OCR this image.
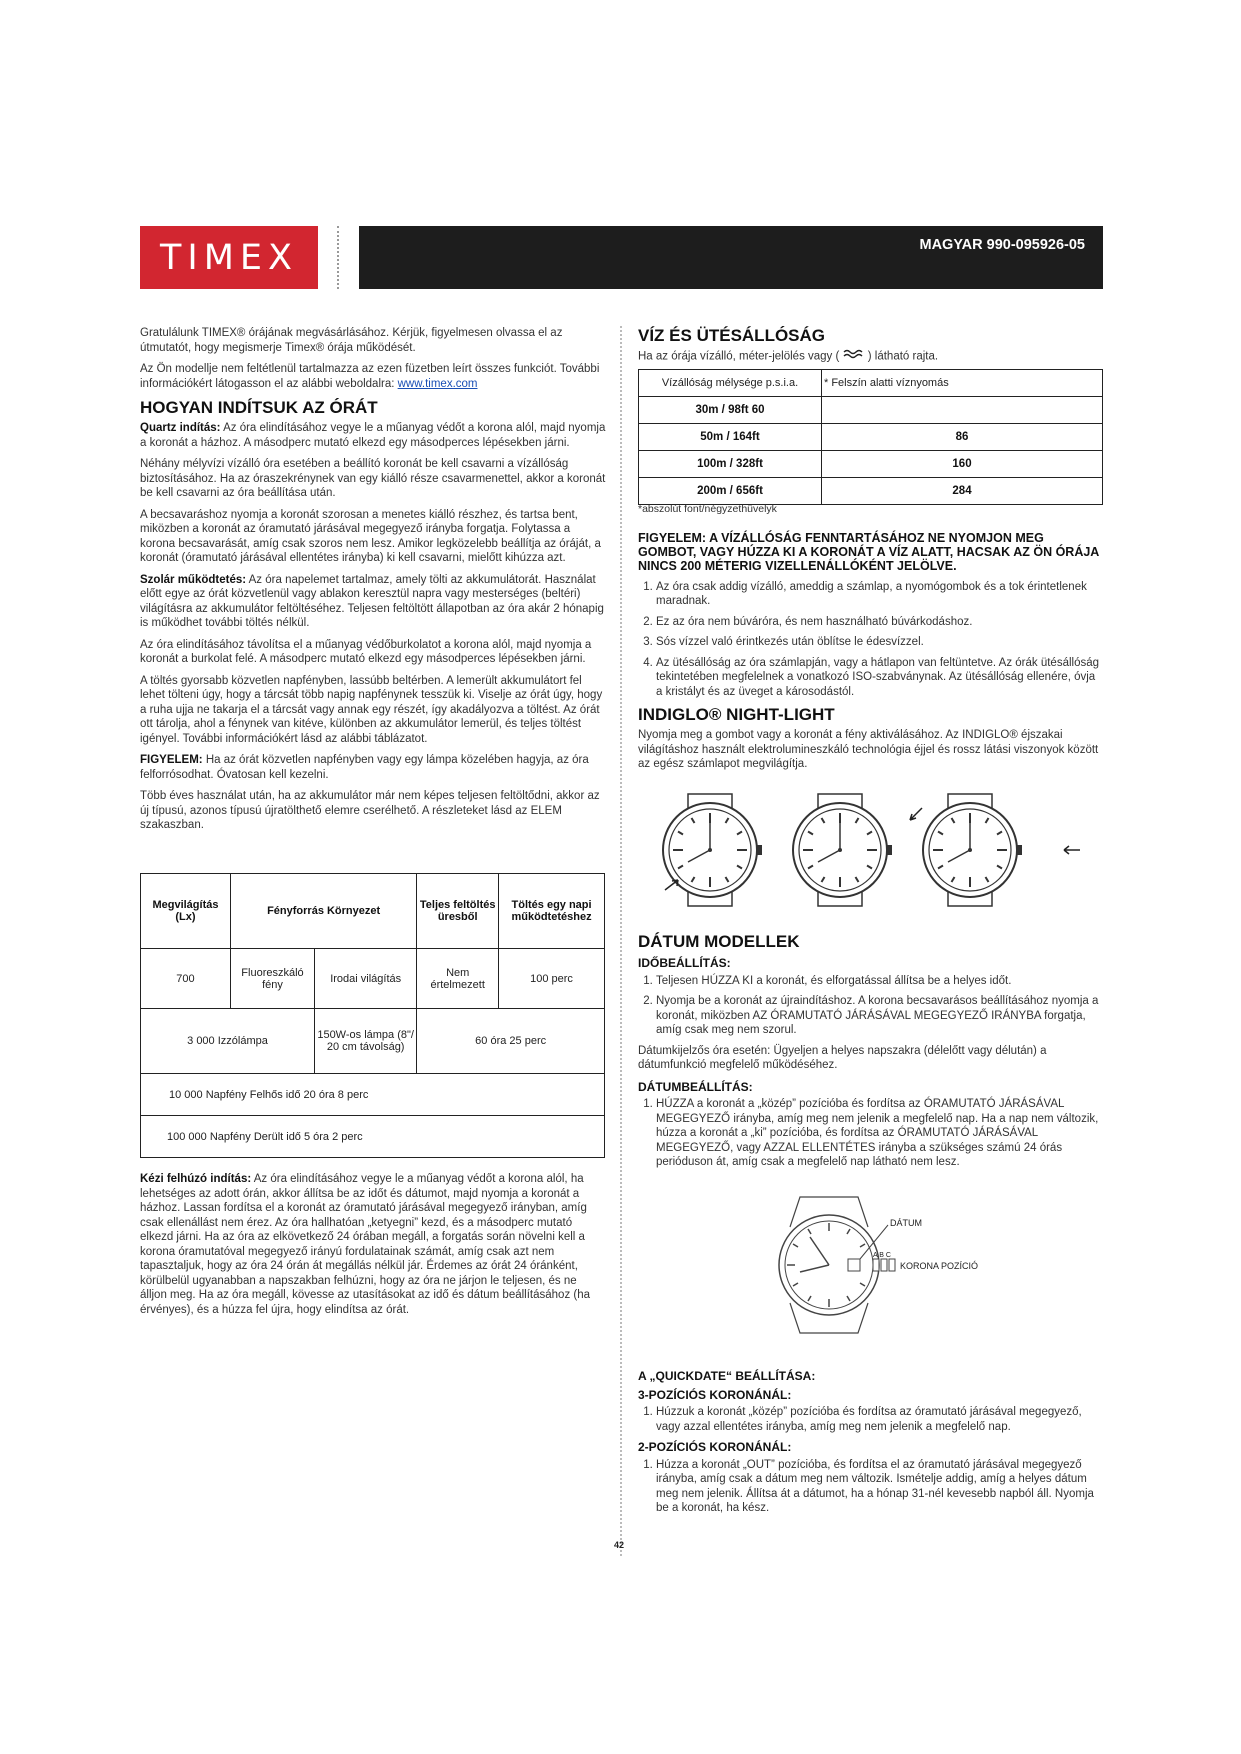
TIMEX	MAGYAR 990-095926-05
42

Gratulálunk TIMEX® órájának megvásárlásához. Kérjük, figyelmesen olvassa el az útmutatót, hogy megismerje Timex® órája működését.

Az Ön modellje nem feltétlenül tartalmazza az ezen füzetben leírt összes funkciót. További információkért látogasson el az alábbi weboldalra: www.timex.com

HOGYAN INDÍTSUK AZ ÓRÁT

Quartz indítás: Az óra elindításához vegye le a műanyag védőt a korona alól, majd nyomja a koronát a házhoz. A másodperc mutató elkezd egy másodperces lépésekben járni.

Néhány mélyvízi vízálló óra esetében a beállító koronát be kell csavarni a vízállóság biztosításához. Ha az óraszekrénynek van egy kiálló része csavarmenettel, akkor a koronát be kell csavarni az óra beállítása után.

A becsavaráshoz nyomja a koronát szorosan a menetes kiálló részhez, és tartsa bent, miközben a koronát az óramutató járásával megegyező irányba forgatja. Folytassa a korona becsavarását, amíg csak szoros nem lesz. Amikor legközelebb beállítja az óráját, a koronát (óramutató járásával ellentétes irányba) ki kell csavarni, mielőtt kihúzza azt.

Szolár működtetés: Az óra napelemet tartalmaz, amely tölti az akkumulátorát. Használat előtt egye az órát közvetlenül vagy ablakon keresztül napra vagy mesterséges (beltéri) világításra az akkumulátor feltöltéséhez. Teljesen feltöltött állapotban az óra akár 2 hónapig is működhet további töltés nélkül.

Az óra elindításához távolítsa el a műanyag védőburkolatot a korona alól, majd nyomja a koronát a burkolat felé. A másodperc mutató elkezd egy másodperces lépésekben járni.

A töltés gyorsabb közvetlen napfényben, lassúbb beltérben. A lemerült akkumulátort fel lehet tölteni úgy, hogy a tárcsát több napig napfénynek tesszük ki. Viselje az órát úgy, hogy a ruha ujja ne takarja el a tárcsát vagy annak egy részét, így akadályozva a töltést. Az órát ott tárolja, ahol a fénynek van kitéve, különben az akkumulátor lemerül, és teljes töltést igényel. További információkért lásd az alábbi táblázatot.

FIGYELEM: Ha az órát közvetlen napfényben vagy egy lámpa közelében hagyja, az óra felforrósodhat. Óvatosan kell kezelni.

Több éves használat után, ha az akkumulátor már nem képes teljesen feltöltődni, akkor az új típusú, azonos típusú újratölthető elemre cserélhető. A részleteket lásd az ELEM szakaszban.

Megvilágítás (Lx)	Fényforrás Környezet		Teljes feltöltés üresből	Töltés egy napi működtetéshez
700	Fluoreszkáló fény	Irodai világítás	Nem értelmezett	100 perc
3 000 Izzólámpa		150W-os lámpa (8"/ 20 cm távolság)	60 óra 25 perc	
10 000 Napfény Felhős idő 20 óra 8 perc				
100 000 Napfény Derült idő 5 óra 2 perc				

Kézi felhúzó indítás: Az óra elindításához vegye le a műanyag védőt a korona alól, ha lehetséges az adott órán, akkor állítsa be az időt és dátumot, majd nyomja a koronát a házhoz. Lassan fordítsa el a koronát az óramutató járásával megegyező irányban, amíg csak ellenállást nem érez. Az óra hallhatóan „ketyegni” kezd, és a másodperc mutató elkezd járni. Ha az óra az elkövetkező 24 órában megáll, a forgatás során növelni kell a korona óramutatóval megegyező irányú fordulatainak számát, amíg csak azt nem tapasztaljuk, hogy az óra 24 órán át megállás nélkül jár. Érdemes az órát 24 óránként, körülbelül ugyanabban a napszakban felhúzni, hogy az óra ne járjon le teljesen, és ne álljon meg. Ha az óra megáll, kövesse az utasításokat az idő és dátum beállításához (ha érvényes), és a húzza fel újra, hogy elindítsa az órát.

VÍZ ÉS ÜTÉSÁLLÓSÁG

Ha az órája vízálló, méter-jelölés vagy ( ) látható rajta.

Vízállóság mélysége p.s.i.a.	* Felszín alatti víznyomás
30m / 98ft 60	
50m / 164ft	86
100m / 328ft	160
200m / 656ft	284

*abszolút font/négyzethüvelyk

FIGYELEM: A VÍZÁLLÓSÁG FENNTARTÁSÁHOZ NE NYOMJON MEG GOMBOT, VAGY HÚZZA KI A KORONÁT A VÍZ ALATT, HACSAK AZ ÖN ÓRÁJA NINCS 200 MÉTERIG VIZELLENÁLLÓKÉNT JELÖLVE.

1. Az óra csak addig vízálló, ameddig a számlap, a nyomógombok és a tok érintetlenek maradnak.
2. Ez az óra nem búváróra, és nem használható búvárkodáshoz.
3. Sós vízzel való érintkezés után öblítse le édesvízzel.
4. Az ütésállóság az óra számlapján, vagy a hátlapon van feltüntetve. Az órák ütésállóság tekintetében megfelelnek a vonatkozó ISO-szabványnak. Az ütésállóság ellenére, óvja a kristályt és az üveget a károsodástól.
INDIGLO® NIGHT-LIGHT

Nyomja meg a gombot vagy a koronát a fény aktiválásához. Az INDIGLO® éjszakai világításhoz használt elektrolumineszkáló technológia éjjel és rossz látási viszonyok között az egész számlapot megvilágítja.

DÁTUM MODELLEK
IDŐBEÁLLÍTÁS:
1. Teljesen HÚZZA KI a koronát, és elforgatással állítsa be a helyes időt.
2. Nyomja be a koronát az újraindításhoz. A korona becsavarásos beállításához nyomja a koronát, miközben AZ ÓRAMUTATÓ JÁRÁSÁVAL MEGEGYEZŐ IRÁNYBA forgatja, amíg csak meg nem szorul.

Dátumkijelzős óra esetén: Ügyeljen a helyes napszakra (délelőtt vagy délután) a dátumfunkció megfelelő működéséhez.

DÁTUMBEÁLLÍTÁS:
1. HÚZZA a koronát a „közép” pozícióba és fordítsa az ÓRAMUTATÓ JÁRÁSÁVAL MEGEGYEZŐ irányba, amíg meg nem jelenik a megfelelő nap. Ha a nap nem változik, húzza a koronát a „ki” pozícióba, és fordítsa az ÓRAMUTATÓ JÁRÁSÁVAL MEGEGYEZŐ, vagy AZZAL ELLENTÉTES irányba a szükséges számú 24 órás perióduson át, amíg csak a megfelelő nap látható nem lesz.
DÁTUM
A B C
KORONA POZÍCIÓ
A „QUICKDATE“ BEÁLLÍTÁSA:
3-POZÍCIÓS KORONÁNÁL:
1. Húzzuk a koronát „közép” pozícióba és fordítsa az óramutató járásával megegyező, vagy azzal ellentétes irányba, amíg meg nem jelenik a megfelelő nap.
2-POZÍCIÓS KORONÁNÁL:
1. Húzza a koronát „OUT” pozícióba, és fordítsa el az óramutató járásával megegyező irányba, amíg csak a dátum meg nem változik. Ismételje addig, amíg a helyes dátum meg nem jelenik. Állítsa át a dátumot, ha a hónap 31-nél kevesebb napból áll. Nyomja be a koronát, ha kész.
